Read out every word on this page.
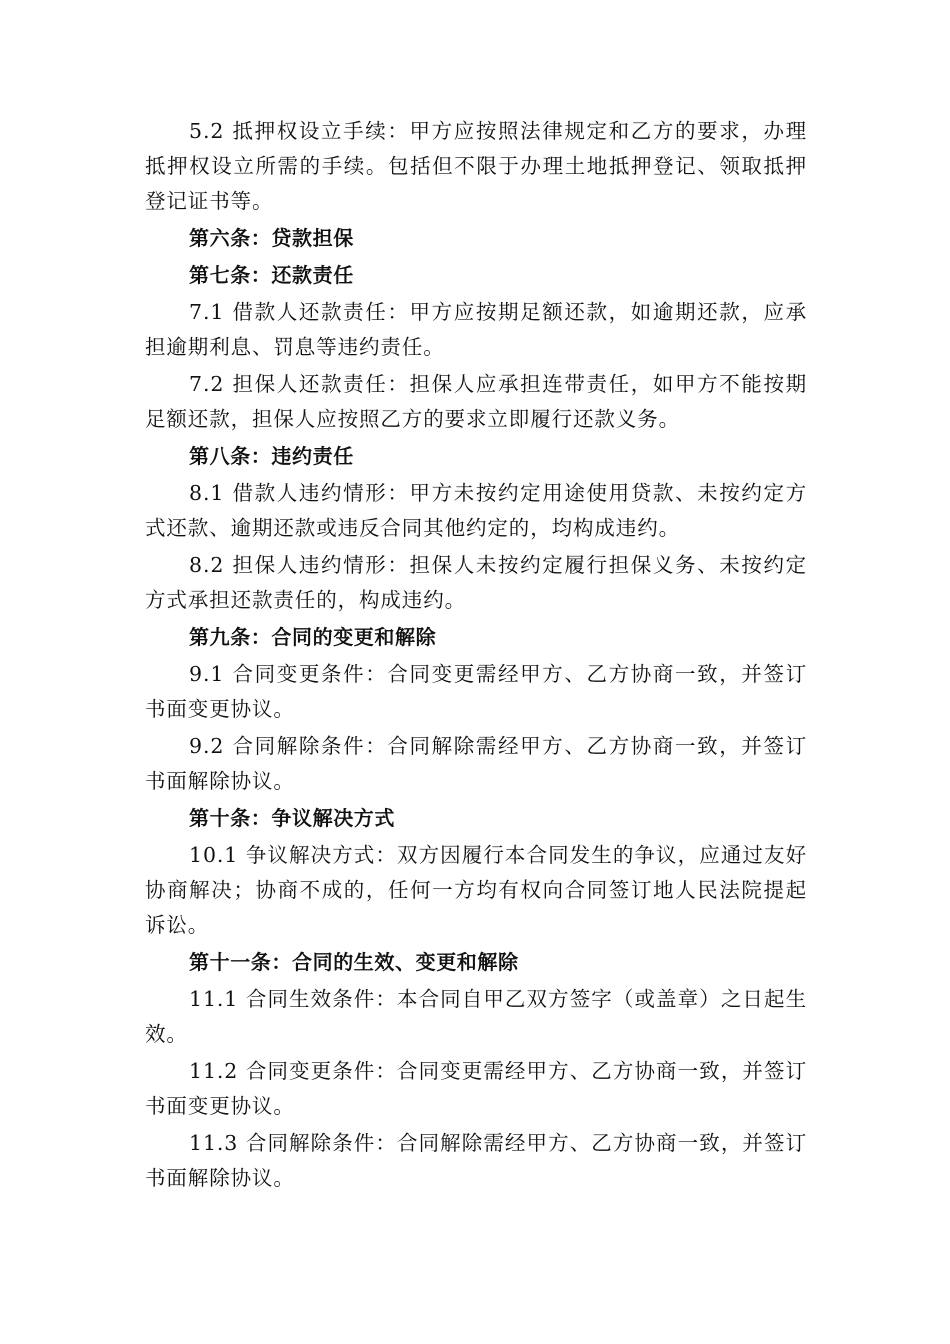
5.2 抵押权设立手续：甲方应按照法律规定和乙方的要求，办理抵押权设立所需的手续。包括但不限于办理土地抵押登记、领取抵押登记证书等。

第六条：贷款担保

第七条：还款责任

7.1 借款人还款责任：甲方应按期足额还款，如逾期还款，应承担逾期利息、罚息等违约责任。

7.2 担保人还款责任：担保人应承担连带责任，如甲方不能按期足额还款，担保人应按照乙方的要求立即履行还款义务。

第八条：违约责任

8.1 借款人违约情形：甲方未按约定用途使用贷款、未按约定方式还款、逾期还款或违反合同其他约定的，均构成违约。

8.2 担保人违约情形：担保人未按约定履行担保义务、未按约定方式承担还款责任的，构成违约。

第九条：合同的变更和解除

9.1 合同变更条件：合同变更需经甲方、乙方协商一致，并签订书面变更协议。

9.2 合同解除条件：合同解除需经甲方、乙方协商一致，并签订书面解除协议。

第十条：争议解决方式

10.1 争议解决方式：双方因履行本合同发生的争议，应通过友好协商解决；协商不成的，任何一方均有权向合同签订地人民法院提起诉讼。

第十一条：合同的生效、变更和解除

11.1 合同生效条件：本合同自甲乙双方签字（或盖章）之日起生效。

11.2 合同变更条件：合同变更需经甲方、乙方协商一致，并签订书面变更协议。

11.3 合同解除条件：合同解除需经甲方、乙方协商一致，并签订书面解除协议。
